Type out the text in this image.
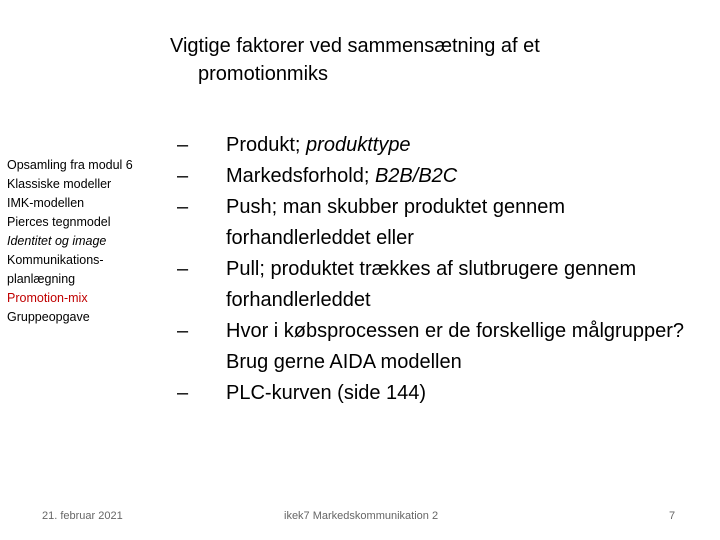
Vigtige faktorer ved sammensætning af et
promotionmiks
Opsamling fra modul 6
Klassiske modeller
IMK-modellen
Pierces tegnmodel
Identitet og image
Kommunikations-
planlægning
Promotion-mix
Gruppeopgave
Produkt; produkttype
Markedsforhold; B2B/B2C
Push; man skubber produktet gennem forhandlerleddet eller
Pull; produktet trækkes af slutbrugere gennem forhandlerleddet
Hvor i købsprocessen er de forskellige målgrupper? Brug gerne AIDA modellen
PLC-kurven (side 144)
21. februar 2021	ikek7 Markedskommunikation 2	7
